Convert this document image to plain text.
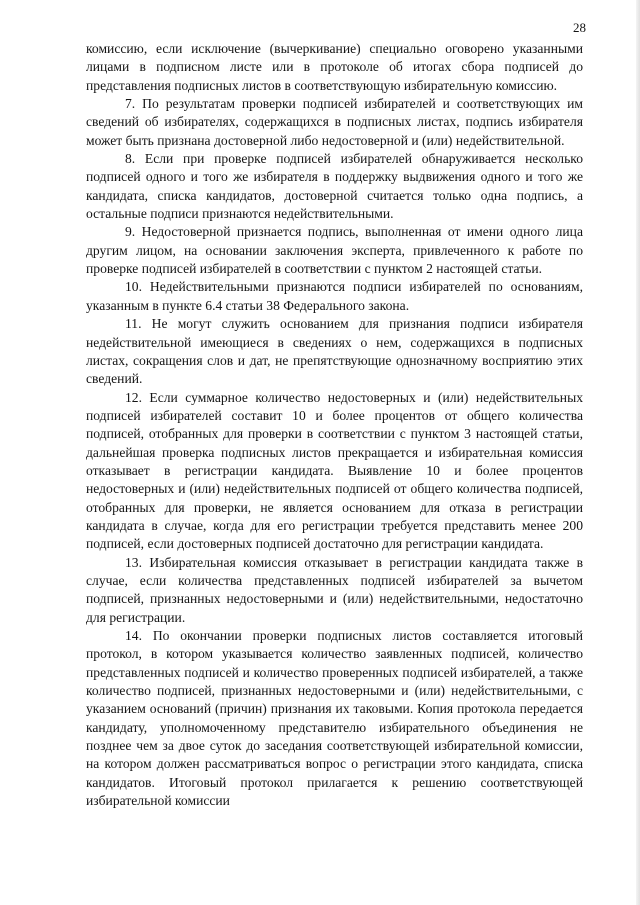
28

комиссию, если исключение (вычеркивание) специально оговорено указанными лицами в подписном листе или в протоколе об итогах сбора подписей до представления подписных листов в соответствующую избирательную комиссию.

7. По результатам проверки подписей избирателей и соответствующих им сведений об избирателях, содержащихся в подписных листах, подпись избирателя может быть признана достоверной либо недостоверной и (или) недействительной.

8. Если при проверке подписей избирателей обнаруживается несколько подписей одного и того же избирателя в поддержку выдвижения одного и того же кандидата, списка кандидатов, достоверной считается только одна подпись, а остальные подписи признаются недействительными.

9. Недостоверной признается подпись, выполненная от имени одного лица другим лицом, на основании заключения эксперта, привлеченного к работе по проверке подписей избирателей в соответствии с пунктом 2 настоящей статьи.

10. Недействительными признаются подписи избирателей по основаниям, указанным в пункте 6.4 статьи 38 Федерального закона.

11. Не могут служить основанием для признания подписи избирателя недействительной имеющиеся в сведениях о нем, содержащихся в подписных листах, сокращения слов и дат, не препятствующие однозначному восприятию этих сведений.

12. Если суммарное количество недостоверных и (или) недействительных подписей избирателей составит 10 и более процентов от общего количества подписей, отобранных для проверки в соответствии с пунктом 3 настоящей статьи, дальнейшая проверка подписных листов прекращается и избирательная комиссия отказывает в регистрации кандидата. Выявление 10 и более процентов недостоверных и (или) недействительных подписей от общего количества подписей, отобранных для проверки, не является основанием для отказа в регистрации кандидата в случае, когда для его регистрации требуется представить менее 200 подписей, если достоверных подписей достаточно для регистрации кандидата.

13. Избирательная комиссия отказывает в регистрации кандидата также в случае, если количества представленных подписей избирателей за вычетом подписей, признанных недостоверными и (или) недействительными, недостаточно для регистрации.

14. По окончании проверки подписных листов составляется итоговый протокол, в котором указывается количество заявленных подписей, количество представленных подписей и количество проверенных подписей избирателей, а также количество подписей, признанных недостоверными и (или) недействительными, с указанием оснований (причин) признания их таковыми. Копия протокола передается кандидату, уполномоченному представителю избирательного объединения не позднее чем за двое суток до заседания соответствующей избирательной комиссии, на котором должен рассматриваться вопрос о регистрации этого кандидата, списка кандидатов. Итоговый протокол прилагается к решению соответствующей избирательной комиссии
